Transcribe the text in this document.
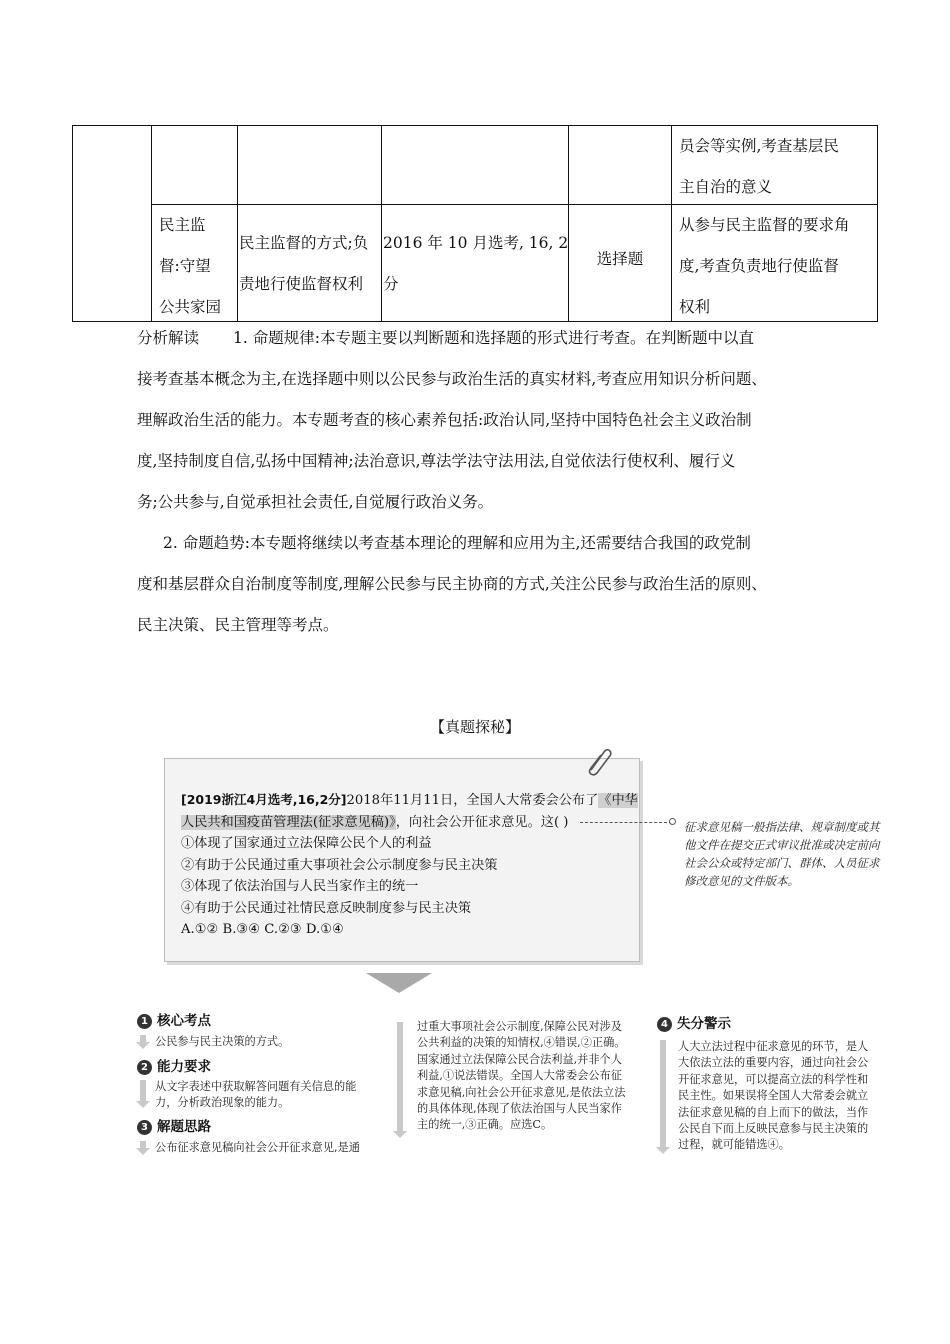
员会等实例,考查基层民
主自治的意义
民主监
督:守望
公共家园
民主监督的方式;负
责地行使监督权利
2016 年 10 月选考, 16, 2
分
选择题
从参与民主监督的要求角
度,考查负责地行使监督
权利

分析解读 1. 命题规律:本专题主要以判断题和选择题的形式进行考查。在判断题中以直

接考查基本概念为主,在选择题中则以公民参与政治生活的真实材料,考查应用知识分析问题、

理解政治生活的能力。本专题考查的核心素养包括:政治认同,坚持中国特色社会主义政治制

度,坚持制度自信,弘扬中国精神;法治意识,尊法学法守法用法,自觉依法行使权利、履行义

务;公共参与,自觉承担社会责任,自觉履行政治义务。

2. 命题趋势:本专题将继续以考查基本理论的理解和应用为主,还需要结合我国的政党制

度和基层群众自治制度等制度,理解公民参与民主协商的方式,关注公民参与政治生活的原则、

民主决策、民主管理等考点。

【真题探秘】
[2019浙江4月选考,16,2分]2018年11月11日，全国人大常委会公布了《中华
人民共和国疫苗管理法(征求意见稿)》，向社会公开征求意见。这( )
①体现了国家通过立法保障公民个人的利益
②有助于公民通过重大事项社会公示制度参与民主决策
③体现了依法治国与人民当家作主的统一
④有助于公民通过社情民意反映制度参与民主决策
A.①② B.③④ C.②③ D.①④
征求意见稿一般指法律、规章制度或其
他文件在提交正式审议批准或决定前向
社会公众或特定部门、群体、人员征求
修改意见的文件版本。
1 核心考点
公民参与民主决策的方式。
2 能力要求
从文字表述中获取解答问题有关信息的能
力，分析政治现象的能力。
3 解题思路
公布征求意见稿向社会公开征求意见,是通
过重大事项社会公示制度,保障公民对涉及
公共利益的决策的知情权,④错误,②正确。
国家通过立法保障公民合法利益,并非个人
利益,①说法错误。全国人大常委会公布征
求意见稿,向社会公开征求意见,是依法立法
的具体体现,体现了依法治国与人民当家作
主的统一,③正确。应选C。
4 失分警示
人大立法过程中征求意见的环节，是人
大依法立法的重要内容，通过向社会公
开征求意见，可以提高立法的科学性和
民主性。如果误将全国人大常委会就立
法征求意见稿的自上而下的做法，当作
公民自下而上反映民意参与民主决策的
过程，就可能错选④。
